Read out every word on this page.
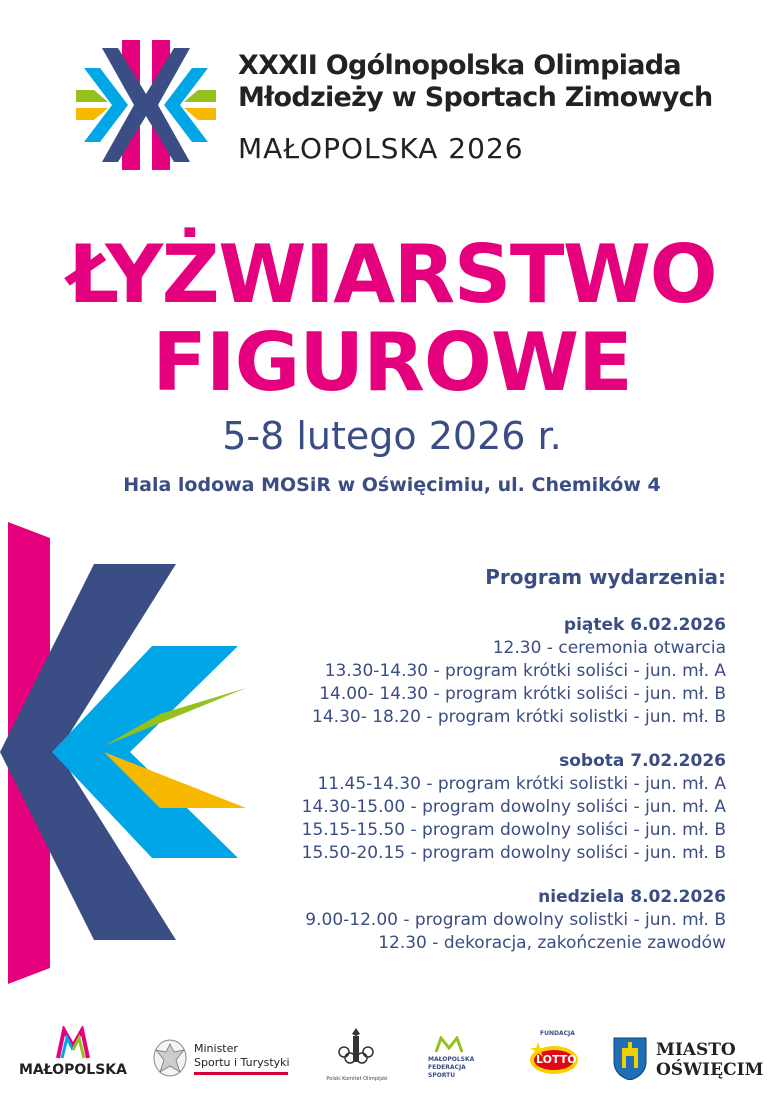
XXXII Ogólnopolska Olimpiada
Młodzieży w Sportach Zimowych
MAŁOPOLSKA 2026
ŁYŻWIARSTWO
FIGUROWE
5-8 lutego 2026 r.
Hala lodowa MOSiR w Oświęcimiu, ul. Chemików 4
Program wydarzenia:
piątek 6.02.2026
12.30 - ceremonia otwarcia
13.30-14.30 - program krótki soliści - jun. mł. A
14.00- 14.30 - program krótki soliści - jun. mł. B
14.30- 18.20 - program krótki solistki - jun. mł. B
sobota 7.02.2026
11.45-14.30 - program krótki solistki - jun. mł. A
14.30-15.00 - program dowolny soliści - jun. mł. A
15.15-15.50 - program dowolny soliści - jun. mł. B
15.50-20.15 - program dowolny soliści - jun. mł. B
niedziela 8.02.2026
9.00-12.00 - program dowolny solistki - jun. mł. B
12.30 - dekoracja, zakończenie zawodów
MAŁOPOLSKA
Minister
Sportu i Turystyki
Polski Komitet Olimpijski
MAŁOPOLSKA
FEDERACJA
SPORTU
FUNDACJA
LOTTO	MIASTO
OŚWIĘCIM
